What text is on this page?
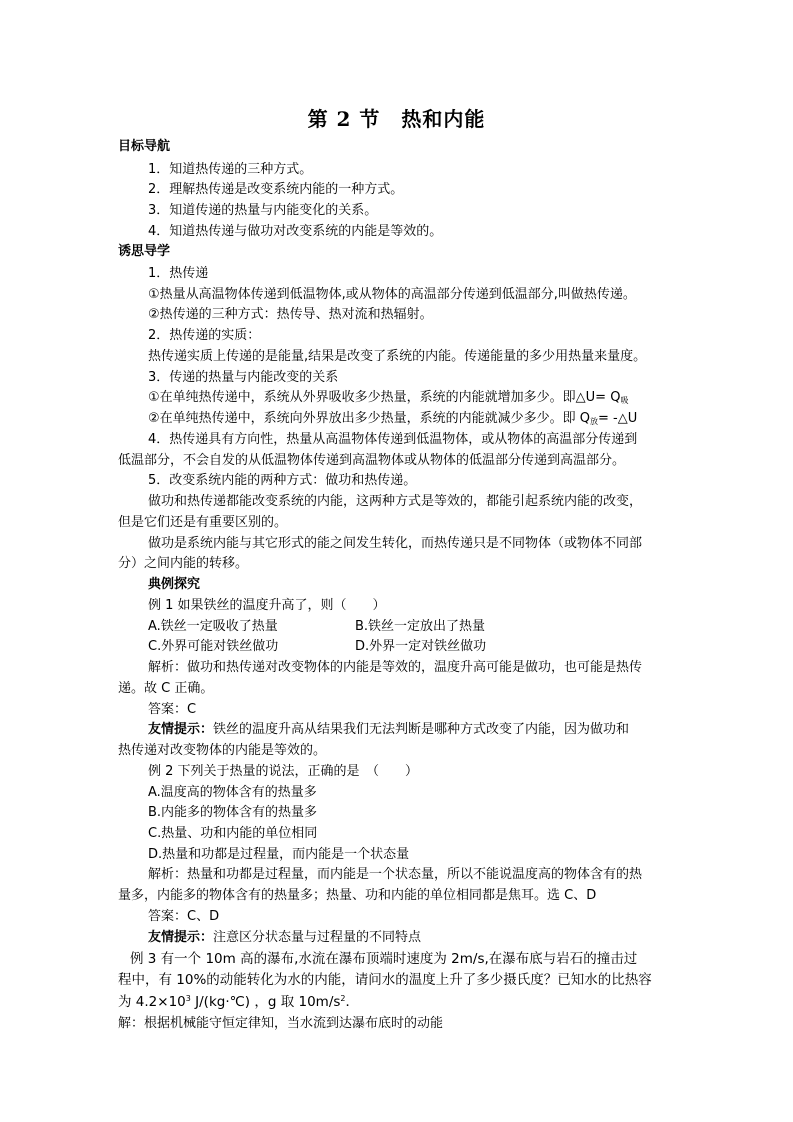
第 2 节　热和内能
目标导航
1．知道热传递的三种方式。
2．理解热传递是改变系统内能的一种方式。
3．知道传递的热量与内能变化的关系。
4．知道热传递与做功对改变系统的内能是等效的。
诱思导学
1．热传递
①热量从高温物体传递到低温物体,或从物体的高温部分传递到低温部分,叫做热传递。
②热传递的三种方式：热传导、热对流和热辐射。
2．热传递的实质：
热传递实质上传递的是能量,结果是改变了系统的内能。传递能量的多少用热量来量度。
3．传递的热量与内能改变的关系
①在单纯热传递中，系统从外界吸收多少热量，系统的内能就增加多少。即△U= $Q_吸$
②在单纯热传递中，系统向外界放出多少热量，系统的内能就减少多少。即 $Q_放=$ -△U
4．热传递具有方向性，热量从高温物体传递到低温物体，或从物体的高温部分传递到
低温部分，不会自发的从低温物体传递到高温物体或从物体的低温部分传递到高温部分。
5．改变系统内能的两种方式：做功和热传递。
做功和热传递都能改变系统的内能，这两种方式是等效的，都能引起系统内能的改变，
但是它们还是有重要区别的。
做功是系统内能与其它形式的能之间发生转化，而热传递只是不同物体（或物体不同部
分）之间内能的转移。
典例探究
例 1 如果铁丝的温度升高了，则（　　）
A.铁丝一定吸收了热量	B.铁丝一定放出了热量
C.外界可能对铁丝做功	D.外界一定对铁丝做功
解析：做功和热传递对改变物体的内能是等效的，温度升高可能是做功，也可能是热传
递。故 C 正确。
答案：C
友情提示：铁丝的温度升高从结果我们无法判断是哪种方式改变了内能，因为做功和
热传递对改变物体的内能是等效的。
例 2 下列关于热量的说法，正确的是　（　　）
A.温度高的物体含有的热量多
B.内能多的物体含有的热量多
C.热量、功和内能的单位相同
D.热量和功都是过程量，而内能是一个状态量
解析：热量和功都是过程量，而内能是一个状态量，所以不能说温度高的物体含有的热
量多，内能多的物体含有的热量多；热量、功和内能的单位相同都是焦耳。选 C、D
答案：C、D
友情提示：注意区分状态量与过程量的不同特点
例 3 有一个 10m 高的瀑布,水流在瀑布顶端时速度为 2m/s,在瀑布底与岩石的撞击过
程中，有 10%的动能转化为水的内能，请问水的温度上升了多少摄氏度？已知水的比热容
为 $4.2\times 10^3$ J/(kg·℃) ，g 取 $10m/s^2$．
解：根据机械能守恒定律知，当水流到达瀑布底时的动能
